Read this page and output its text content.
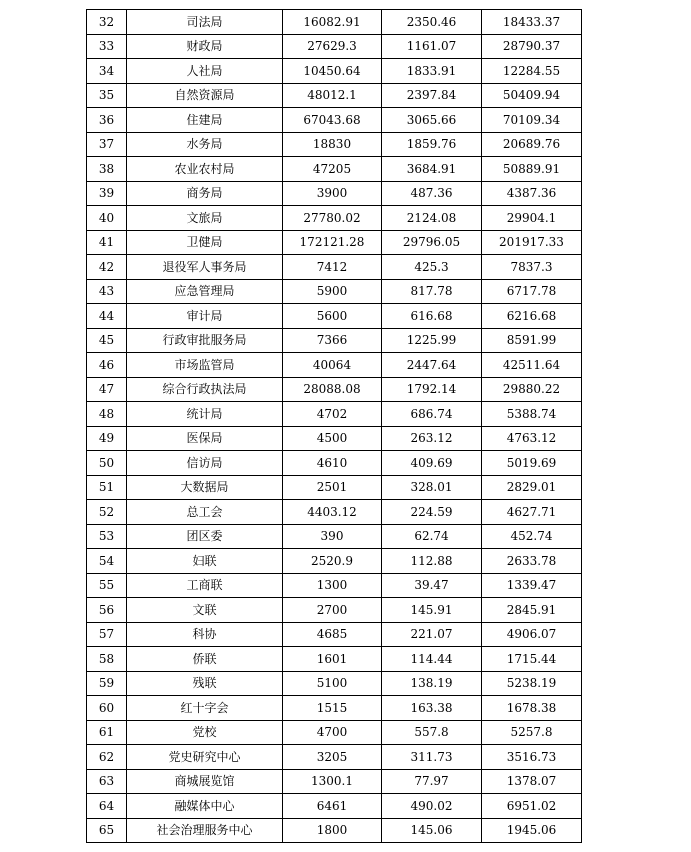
32	司法局	16082.91	2350.46	18433.37
33	财政局	27629.3	1161.07	28790.37
34	人社局	10450.64	1833.91	12284.55
35	自然资源局	48012.1	2397.84	50409.94
36	住建局	67043.68	3065.66	70109.34
37	水务局	18830	1859.76	20689.76
38	农业农村局	47205	3684.91	50889.91
39	商务局	3900	487.36	4387.36
40	文旅局	27780.02	2124.08	29904.1
41	卫健局	172121.28	29796.05	201917.33
42	退役军人事务局	7412	425.3	7837.3
43	应急管理局	5900	817.78	6717.78
44	审计局	5600	616.68	6216.68
45	行政审批服务局	7366	1225.99	8591.99
46	市场监管局	40064	2447.64	42511.64
47	综合行政执法局	28088.08	1792.14	29880.22
48	统计局	4702	686.74	5388.74
49	医保局	4500	263.12	4763.12
50	信访局	4610	409.69	5019.69
51	大数据局	2501	328.01	2829.01
52	总工会	4403.12	224.59	4627.71
53	团区委	390	62.74	452.74
54	妇联	2520.9	112.88	2633.78
55	工商联	1300	39.47	1339.47
56	文联	2700	145.91	2845.91
57	科协	4685	221.07	4906.07
58	侨联	1601	114.44	1715.44
59	残联	5100	138.19	5238.19
60	红十字会	1515	163.38	1678.38
61	党校	4700	557.8	5257.8
62	党史研究中心	3205	311.73	3516.73
63	商城展览馆	1300.1	77.97	1378.07
64	融媒体中心	6461	490.02	6951.02
65	社会治理服务中心	1800	145.06	1945.06
